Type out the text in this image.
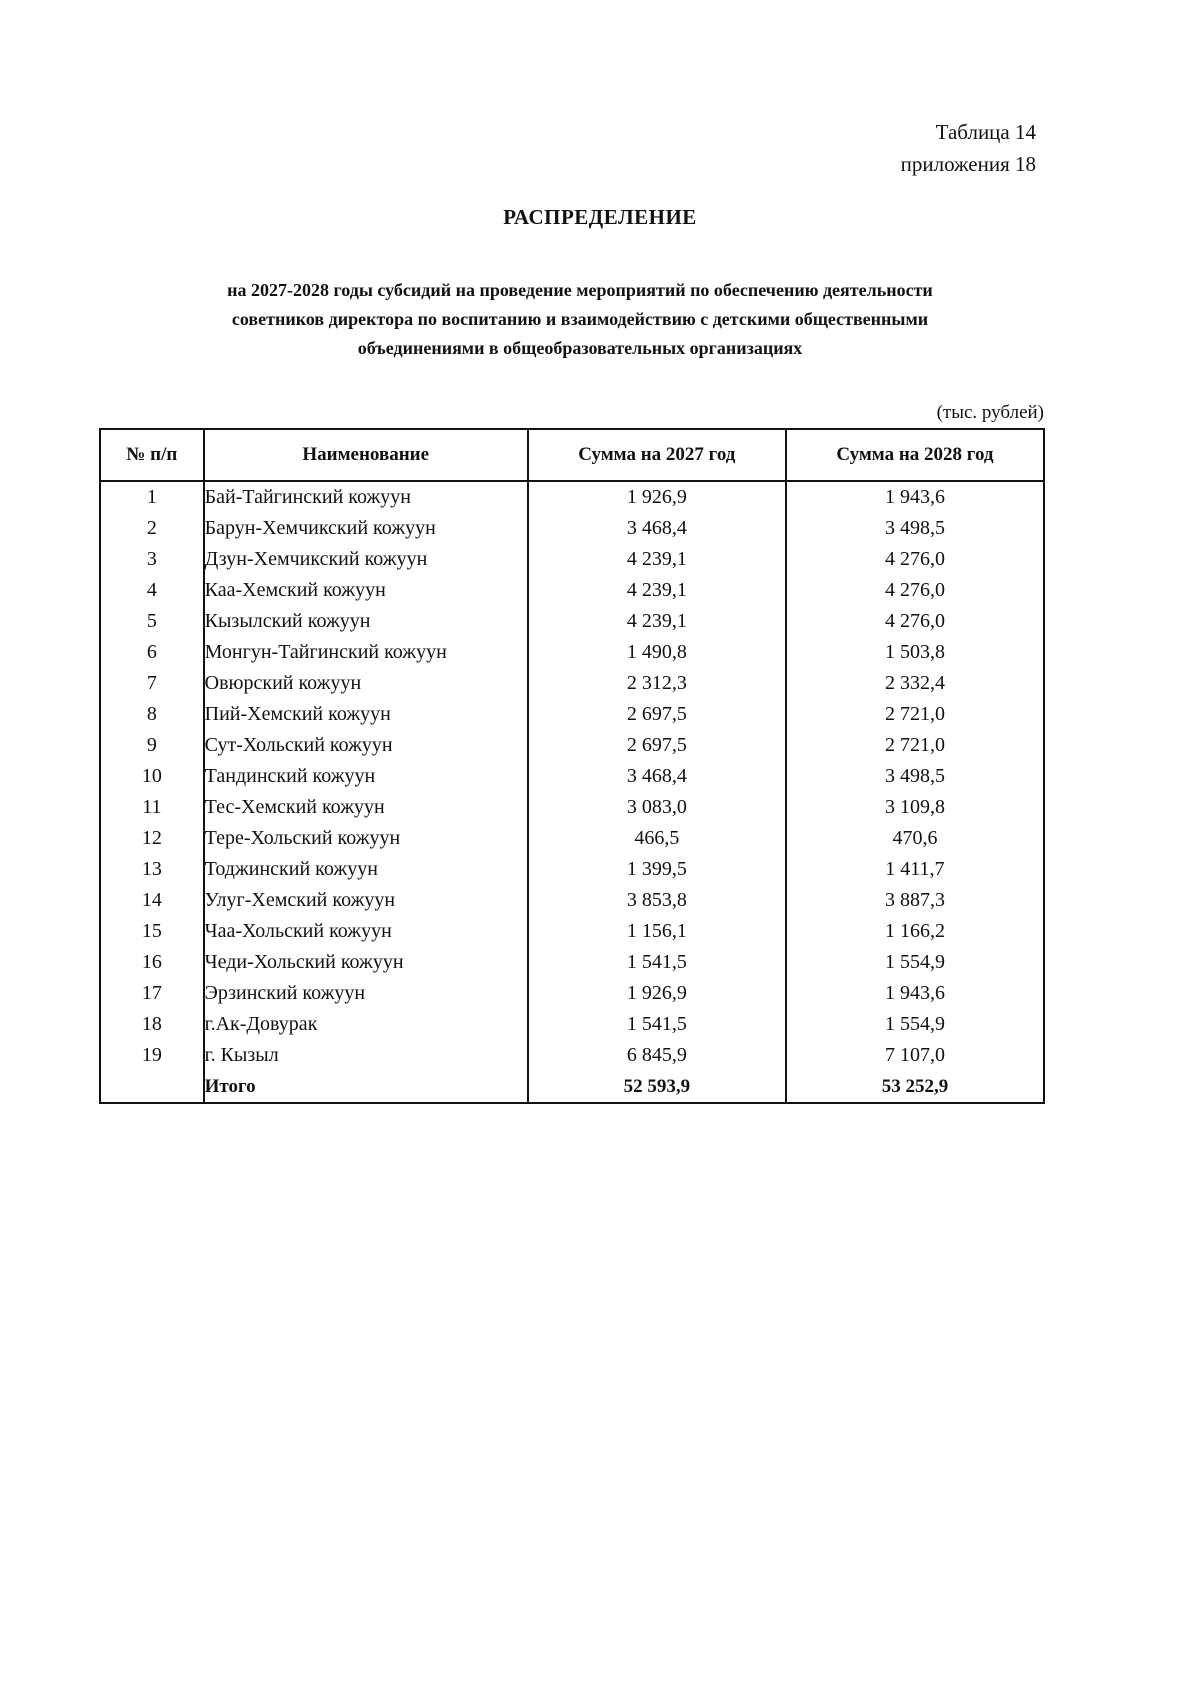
Таблица 14
приложения 18
РАСПРЕДЕЛЕНИЕ
на 2027-2028 годы субсидий на проведение мероприятий по обеспечению деятельности
советников директора по воспитанию и взаимодействию с детскими общественными
объединениями в общеобразовательных организациях
(тыс. рублей)
№ п/п	Наименование	Сумма на 2027 год	Сумма на 2028 год
1	Бай-Тайгинский кожуун	1 926,9	1 943,6
2	Барун-Хемчикский кожуун	3 468,4	3 498,5
3	Дзун-Хемчикский кожуун	4 239,1	4 276,0
4	Каа-Хемский кожуун	4 239,1	4 276,0
5	Кызылский кожуун	4 239,1	4 276,0
6	Монгун-Тайгинский кожуун	1 490,8	1 503,8
7	Овюрский кожуун	2 312,3	2 332,4
8	Пий-Хемский кожуун	2 697,5	2 721,0
9	Сут-Хольский кожуун	2 697,5	2 721,0
10	Тандинский кожуун	3 468,4	3 498,5
11	Тес-Хемский кожуун	3 083,0	3 109,8
12	Тере-Хольский кожуун	466,5	470,6
13	Тоджинский кожуун	1 399,5	1 411,7
14	Улуг-Хемский кожуун	3 853,8	3 887,3
15	Чаа-Хольский кожуун	1 156,1	1 166,2
16	Чеди-Хольский кожуун	1 541,5	1 554,9
17	Эрзинский кожуун	1 926,9	1 943,6
18	г.Ак-Довурак	1 541,5	1 554,9
19	г. Кызыл	6 845,9	7 107,0
	Итого	52 593,9	53 252,9
